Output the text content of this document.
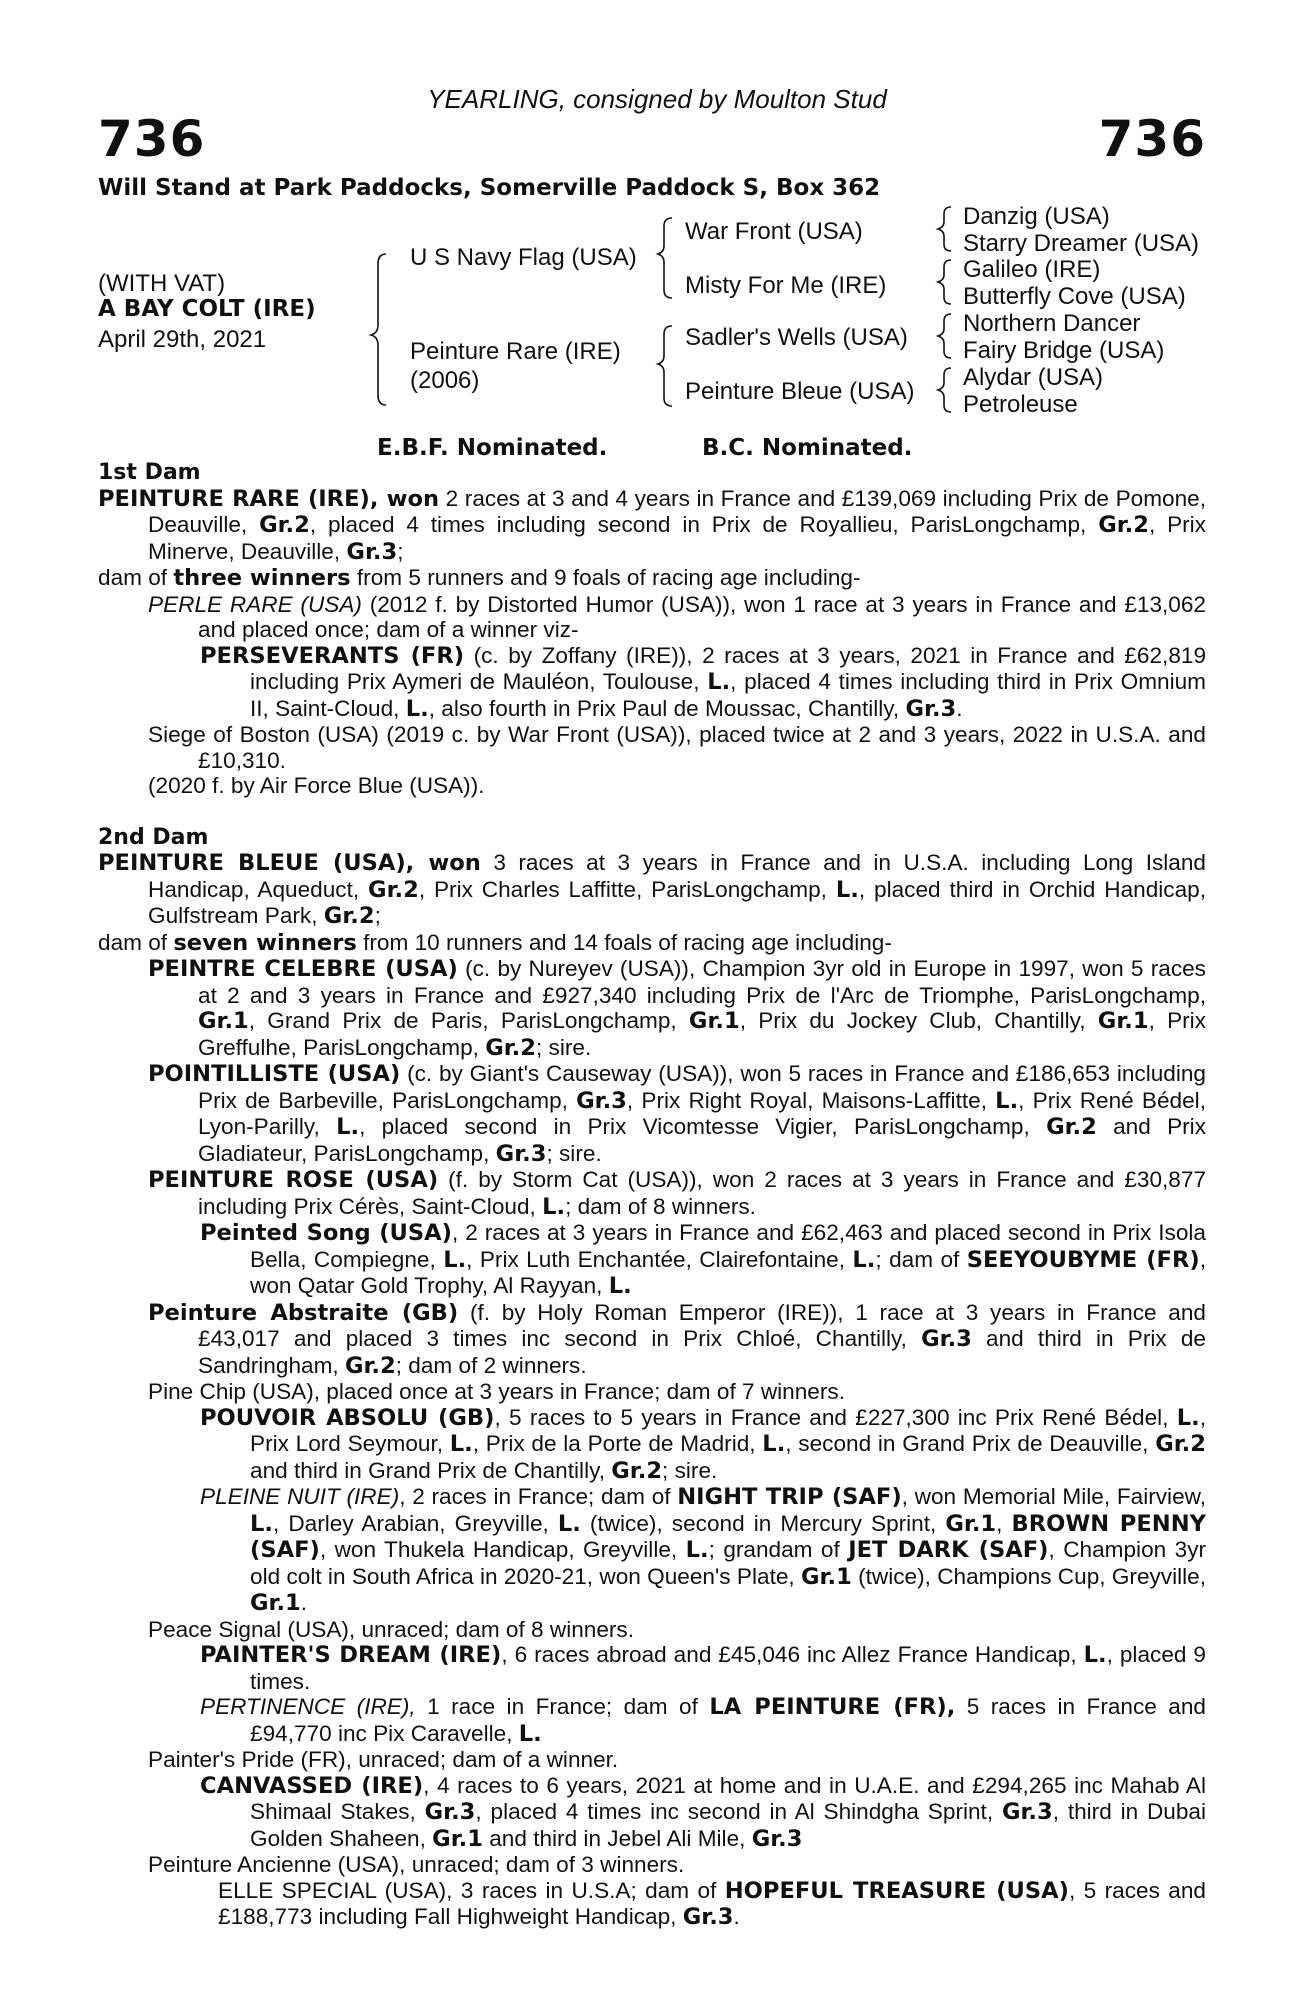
YEARLING, consigned by Moulton Stud
736	736
Will Stand at Park Paddocks, Somerville Paddock S, Box 362
(WITH VAT)
A BAY COLT (IRE)
April 29th, 2021
U S Navy Flag (USA)
Peinture Rare (IRE)
(2006)
War Front (USA)
Misty For Me (IRE)
Sadler's Wells (USA)
Peinture Bleue (USA)
Danzig (USA)
Starry Dreamer (USA)
Galileo (IRE)
Butterfly Cove (USA)
Northern Dancer
Fairy Bridge (USA)
Alydar (USA)
Petroleuse
E.B.F. Nominated.	B.C. Nominated.

1st Dam

PEINTURE RARE (IRE), won 2 races at 3 and 4 years in France and £139,069 including Prix de Pomone, Deauville, Gr.2, placed 4 times including second in Prix de Royallieu, ParisLongchamp, Gr.2, Prix Minerve, Deauville, Gr.3;

dam of three winners from 5 runners and 9 foals of racing age including-

PERLE RARE (USA) (2012 f. by Distorted Humor (USA)), won 1 race at 3 years in France and £13,062 and placed once; dam of a winner viz-

PERSEVERANTS (FR) (c. by Zoffany (IRE)), 2 races at 3 years, 2021 in France and £62,819 including Prix Aymeri de Mauléon, Toulouse, L., placed 4 times including third in Prix Omnium II, Saint-Cloud, L., also fourth in Prix Paul de Moussac, Chantilly, Gr.3.

Siege of Boston (USA) (2019 c. by War Front (USA)), placed twice at 2 and 3 years, 2022 in U.S.A. and £10,310.

(2020 f. by Air Force Blue (USA)).

2nd Dam

PEINTURE BLEUE (USA), won 3 races at 3 years in France and in U.S.A. including Long Island Handicap, Aqueduct, Gr.2, Prix Charles Laffitte, ParisLongchamp, L., placed third in Orchid Handicap, Gulfstream Park, Gr.2;

dam of seven winners from 10 runners and 14 foals of racing age including-

PEINTRE CELEBRE (USA) (c. by Nureyev (USA)), Champion 3yr old in Europe in 1997, won 5 races at 2 and 3 years in France and £927,340 including Prix de l'Arc de Triomphe, ParisLongchamp, Gr.1, Grand Prix de Paris, ParisLongchamp, Gr.1, Prix du Jockey Club, Chantilly, Gr.1, Prix Greffulhe, ParisLongchamp, Gr.2; sire.

POINTILLISTE (USA) (c. by Giant's Causeway (USA)), won 5 races in France and £186,653 including Prix de Barbeville, ParisLongchamp, Gr.3, Prix Right Royal, Maisons-Laffitte, L., Prix René Bédel, Lyon-Parilly, L., placed second in Prix Vicomtesse Vigier, ParisLongchamp, Gr.2 and Prix Gladiateur, ParisLongchamp, Gr.3; sire.

PEINTURE ROSE (USA) (f. by Storm Cat (USA)), won 2 races at 3 years in France and £30,877 including Prix Cérès, Saint-Cloud, L.; dam of 8 winners.

Peinted Song (USA), 2 races at 3 years in France and £62,463 and placed second in Prix Isola Bella, Compiegne, L., Prix Luth Enchantée, Clairefontaine, L.; dam of SEEYOUBYME (FR), won Qatar Gold Trophy, Al Rayyan, L.

Peinture Abstraite (GB) (f. by Holy Roman Emperor (IRE)), 1 race at 3 years in France and £43,017 and placed 3 times inc second in Prix Chloé, Chantilly, Gr.3 and third in Prix de Sandringham, Gr.2; dam of 2 winners.

Pine Chip (USA), placed once at 3 years in France; dam of 7 winners.

POUVOIR ABSOLU (GB), 5 races to 5 years in France and £227,300 inc Prix René Bédel, L., Prix Lord Seymour, L., Prix de la Porte de Madrid, L., second in Grand Prix de Deauville, Gr.2 and third in Grand Prix de Chantilly, Gr.2; sire.

PLEINE NUIT (IRE), 2 races in France; dam of NIGHT TRIP (SAF), won Memorial Mile, Fairview, L., Darley Arabian, Greyville, L. (twice), second in Mercury Sprint, Gr.1, BROWN PENNY (SAF), won Thukela Handicap, Greyville, L.; grandam of JET DARK (SAF), Champion 3yr old colt in South Africa in 2020-21, won Queen's Plate, Gr.1 (twice), Champions Cup, Greyville, Gr.1.

Peace Signal (USA), unraced; dam of 8 winners.

PAINTER'S DREAM (IRE), 6 races abroad and £45,046 inc Allez France Handicap, L., placed 9 times.

PERTINENCE (IRE), 1 race in France; dam of LA PEINTURE (FR), 5 races in France and £94,770 inc Pix Caravelle, L.

Painter's Pride (FR), unraced; dam of a winner.

CANVASSED (IRE), 4 races to 6 years, 2021 at home and in U.A.E. and £294,265 inc Mahab Al Shimaal Stakes, Gr.3, placed 4 times inc second in Al Shindgha Sprint, Gr.3, third in Dubai Golden Shaheen, Gr.1 and third in Jebel Ali Mile, Gr.3

Peinture Ancienne (USA), unraced; dam of 3 winners.

ELLE SPECIAL (USA), 3 races in U.S.A; dam of HOPEFUL TREASURE (USA), 5 races and £188,773 including Fall Highweight Handicap, Gr.3.
